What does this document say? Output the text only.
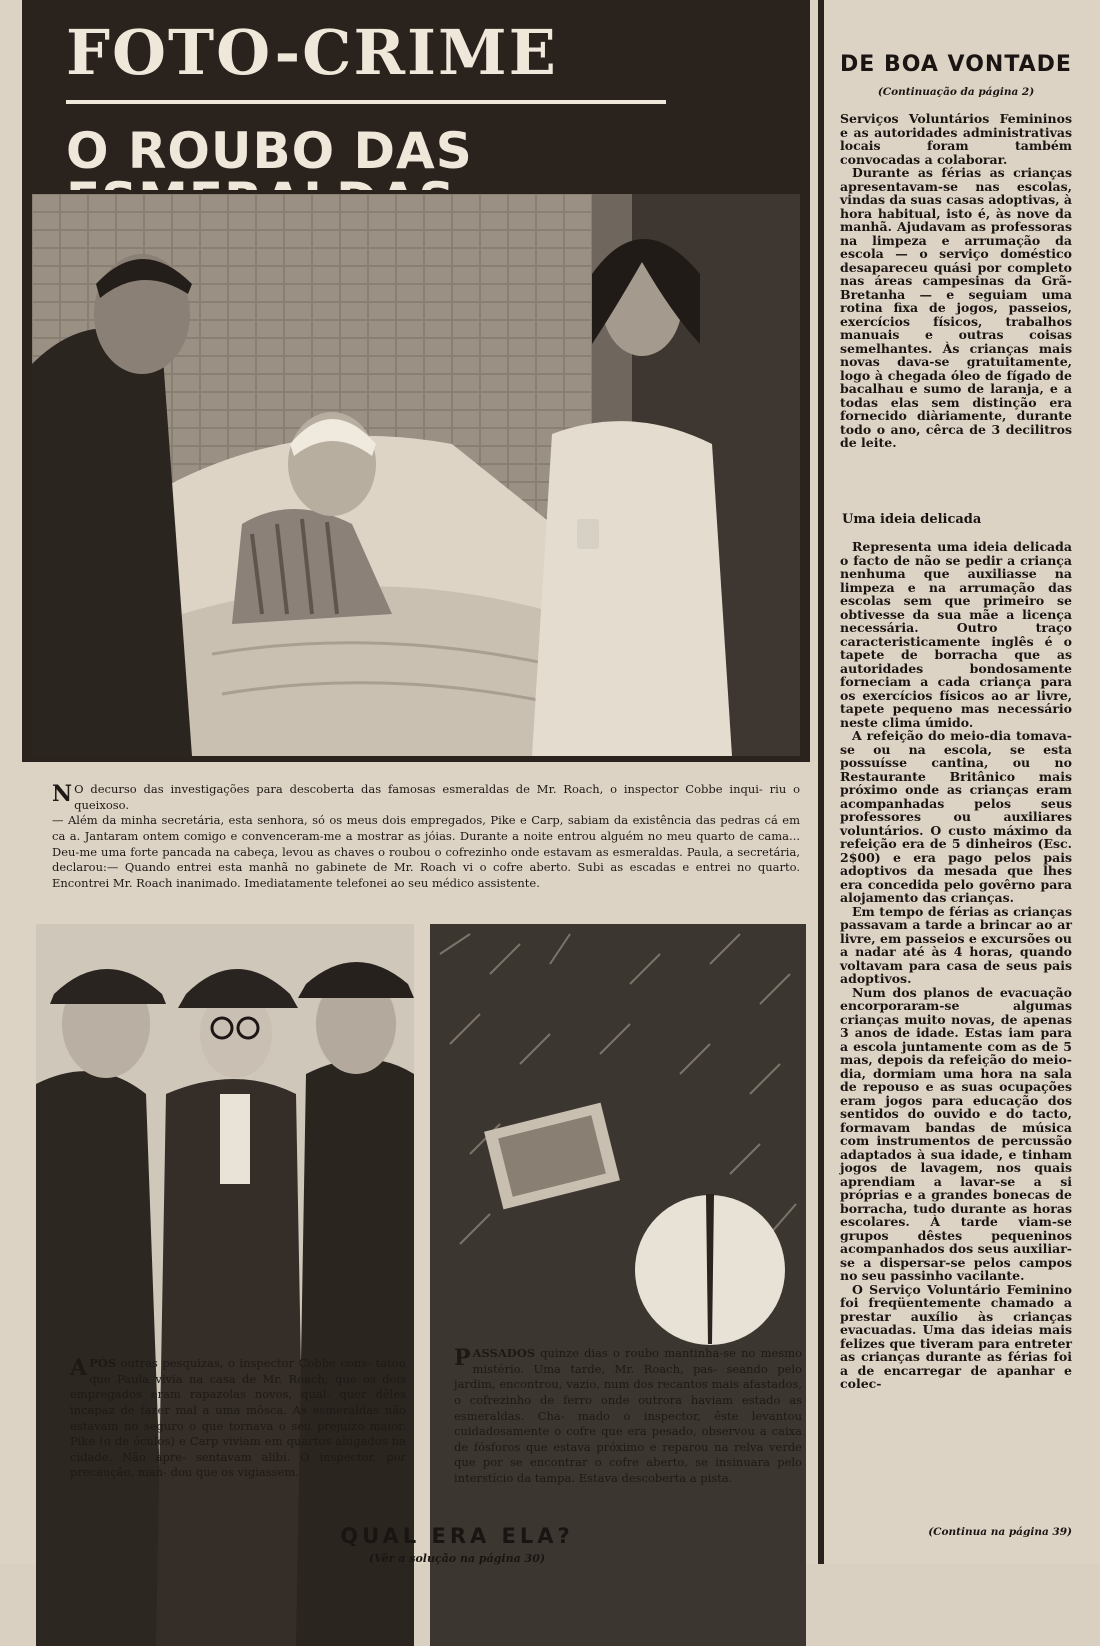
FOTO-CRIME
O ROUBO DAS
N O decurso das investigações para descoberta das famosas esmeraldas de Mr. Roach, o inspector Cobbe inqui- riu o queixoso.
— Além da minha secretária, esta senhora, só os meus dois empregados, Pike e Carp, sabiam da existência das pedras cá em ca a. Jantaram ontem comigo e convenceram-me a mostrar as jóias. Durante a noite entrou alguém no meu quarto de cama... Deu-me uma forte pancada na cabeça, levou as chaves o roubou o cofrezinho onde estavam as esmeraldas. Paula, a secretária, declarou:— Quando entrei esta manhã no gabinete de Mr. Roach vi o cofre aberto. Subi as escadas e entrei no quarto. Encontrei Mr. Roach inanimado. Imediatamente telefonei ao seu médico assistente.
A PÓS outras pesquizas, o inspector Cobbe cons- tatou que Paula vivia na casa de Mr. Roach; que os dois empregados eram rapazolas novos, qual- quer dêles incapaz de fazer mal a uma môsca. As esmeraldas não estavam no seguro o que tornava o seu prejuízo maior. Pike (o de óculos) e Carp viviam em quartos alugados na cidade. Não apre- sentavam alibi. O inspector, por precaução, man- dou que os vigiassem.
P ASSADOS quinze dias o roubo mantinha-se no mesmo mistério. Uma tarde, Mr. Roach, pas- seando pelo jardim, encontrou, vazio, num dos recantos mais afastados, o cofrezinho de ferro onde outrora haviam estado as esmeraldas. Cha- mado o inspector, êste levantou cuidadosamente o cofre que era pesado, observou a caixa de fósforos que estava próximo e reparou na relva verde que por se encontrar o cofre aberto, se insinuara pelo interstício da tampa. Estava descoberta a pista.
QUAL ERA ELA?
(Vêr a solução na página 30)
DE BOA VONTADE
(Continuação da página 2)

Serviços Voluntários Femininos e as autoridades administrativas locais foram também convocadas a colaborar.

Durante as férias as crianças apresentavam-se nas escolas, vindas da suas casas adoptivas, à hora habitual, isto é, às nove da manhã. Ajudavam as professoras na limpeza e arrumação da escola — o serviço doméstico desapareceu quási por completo nas áreas campesinas da Grã-Bretanha — e seguiam uma rotina fixa de jogos, passeios, exercícios físicos, trabalhos manuais e outras coisas semelhantes. Às crianças mais novas dava-se gratuitamente, logo à chegada óleo de fígado de bacalhau e sumo de laranja, e a todas elas sem distinção era fornecido diàriamente, durante todo o ano, cêrca de 3 decilitros de leite.

Uma ideia delicada

Representa uma ideia delicada o facto de não se pedir a criança nenhuma que auxiliasse na limpeza e na arrumação das escolas sem que primeiro se obtivesse da sua mãe a licença necessária. Outro traço caracteristicamente inglês é o tapete de borracha que as autoridades bondosamente forneciam a cada criança para os exercícios físicos ao ar livre, tapete pequeno mas necessário neste clima úmido.

A refeição do meio-dia tomava-se ou na escola, se esta possuísse cantina, ou no Restaurante Britânico mais próximo onde as crianças eram acompanhadas pelos seus professores ou auxiliares voluntários. O custo máximo da refeição era de 5 dinheiros (Esc. 2$00) e era pago pelos pais adoptivos da mesada que lhes era concedida pelo govêrno para alojamento das crianças.

Em tempo de férias as crianças passavam a tarde a brincar ao ar livre, em passeios e excursões ou a nadar até às 4 horas, quando voltavam para casa de seus pais adoptivos.

Num dos planos de evacuação encorporaram-se algumas crianças muito novas, de apenas 3 anos de idade. Estas iam para a escola juntamente com as de 5 mas, depois da refeição do meio-dia, dormiam uma hora na sala de repouso e as suas ocupações eram jogos para educação dos sentidos do ouvido e do tacto, formavam bandas de música com instrumentos de percussão adaptados à sua idade, e tinham jogos de lavagem, nos quais aprendiam a lavar-se a si próprias e a grandes bonecas de borracha, tudo durante as horas escolares. À tarde viam-se grupos dêstes pequeninos acompanhados dos seus auxiliar-se a dispersar-se pelos campos no seu passinho vacilante.

O Serviço Voluntário Feminino foi freqüentemente chamado a prestar auxílio às crianças evacuadas. Uma das ideias mais felizes que tiveram para entreter as crianças durante as férias foi a de encarregar de apanhar e colec-

(Continua na página 39)
